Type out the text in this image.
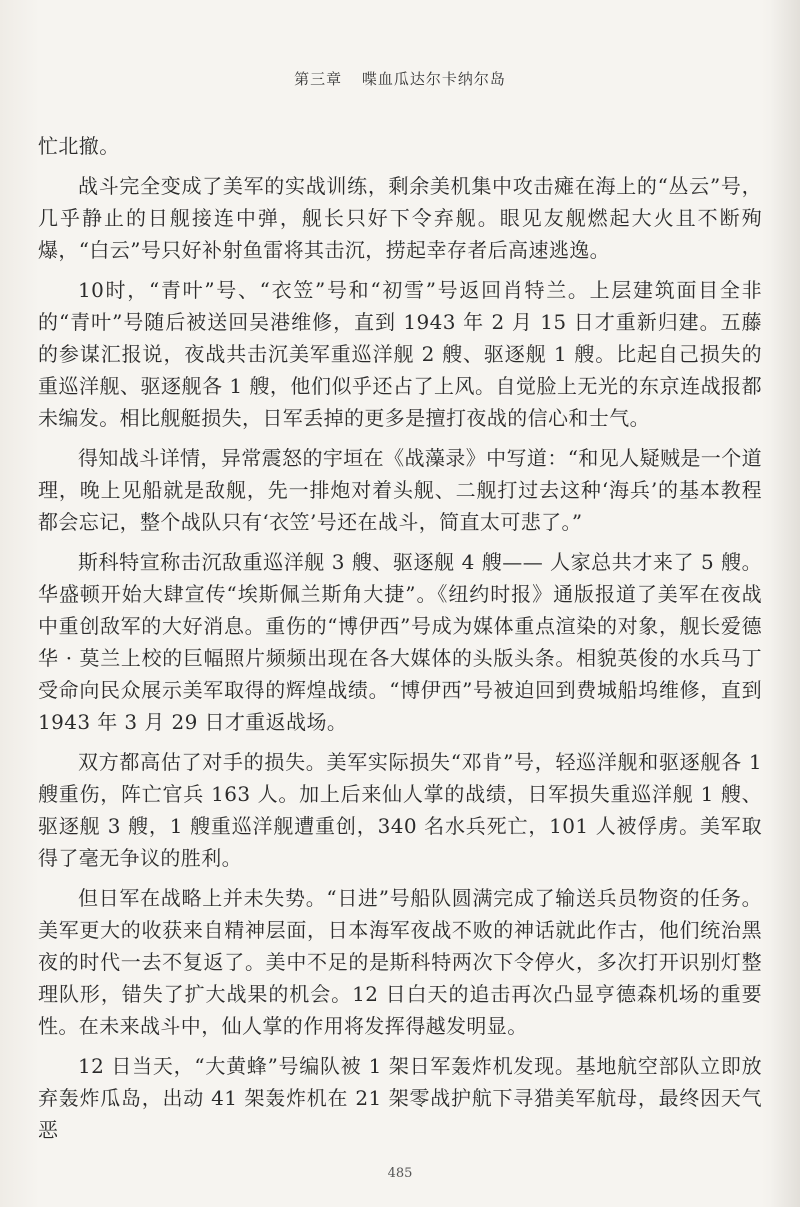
第三章 喋血瓜达尔卡纳尔岛

忙北撤。

战斗完全变成了美军的实战训练，剩余美机集中攻击瘫在海上的“丛云”号，几乎静止的日舰接连中弹，舰长只好下令弃舰。眼见友舰燃起大火且不断殉爆，“白云”号只好补射鱼雷将其击沉，捞起幸存者后高速逃逸。

10时，“青叶”号、“衣笠”号和“初雪”号返回肖特兰。上层建筑面目全非的“青叶”号随后被送回吴港维修，直到 1943 年 2 月 15 日才重新归建。五藤的参谋汇报说，夜战共击沉美军重巡洋舰 2 艘、驱逐舰 1 艘。比起自己损失的重巡洋舰、驱逐舰各 1 艘，他们似乎还占了上风。自觉脸上无光的东京连战报都未编发。相比舰艇损失，日军丢掉的更多是擅打夜战的信心和士气。

得知战斗详情，异常震怒的宇垣在《战藻录》中写道：“和见人疑贼是一个道理，晚上见船就是敌舰，先一排炮对着头舰、二舰打过去这种‘海兵’的基本教程都会忘记，整个战队只有‘衣笠’号还在战斗，简直太可悲了。”

斯科特宣称击沉敌重巡洋舰 3 艘、驱逐舰 4 艘—— 人家总共才来了 5 艘。华盛顿开始大肆宣传“埃斯佩兰斯角大捷”。《纽约时报》通版报道了美军在夜战中重创敌军的大好消息。重伤的“博伊西”号成为媒体重点渲染的对象，舰长爱德华 · 莫兰上校的巨幅照片频频出现在各大媒体的头版头条。相貌英俊的水兵马丁受命向民众展示美军取得的辉煌战绩。“博伊西”号被迫回到费城船坞维修，直到 1943 年 3 月 29 日才重返战场。

双方都高估了对手的损失。美军实际损失“邓肯”号，轻巡洋舰和驱逐舰各 1 艘重伤，阵亡官兵 163 人。加上后来仙人掌的战绩，日军损失重巡洋舰 1 艘、驱逐舰 3 艘，1 艘重巡洋舰遭重创，340 名水兵死亡，101 人被俘虏。美军取得了毫无争议的胜利。

但日军在战略上并未失势。“日进”号船队圆满完成了输送兵员物资的任务。美军更大的收获来自精神层面，日本海军夜战不败的神话就此作古，他们统治黑夜的时代一去不复返了。美中不足的是斯科特两次下令停火，多次打开识别灯整理队形，错失了扩大战果的机会。12 日白天的追击再次凸显亨德森机场的重要性。在未来战斗中，仙人掌的作用将发挥得越发明显。

12 日当天，“大黄蜂”号编队被 1 架日军轰炸机发现。基地航空部队立即放弃轰炸瓜岛，出动 41 架轰炸机在 21 架零战护航下寻猎美军航母，最终因天气恶

485
